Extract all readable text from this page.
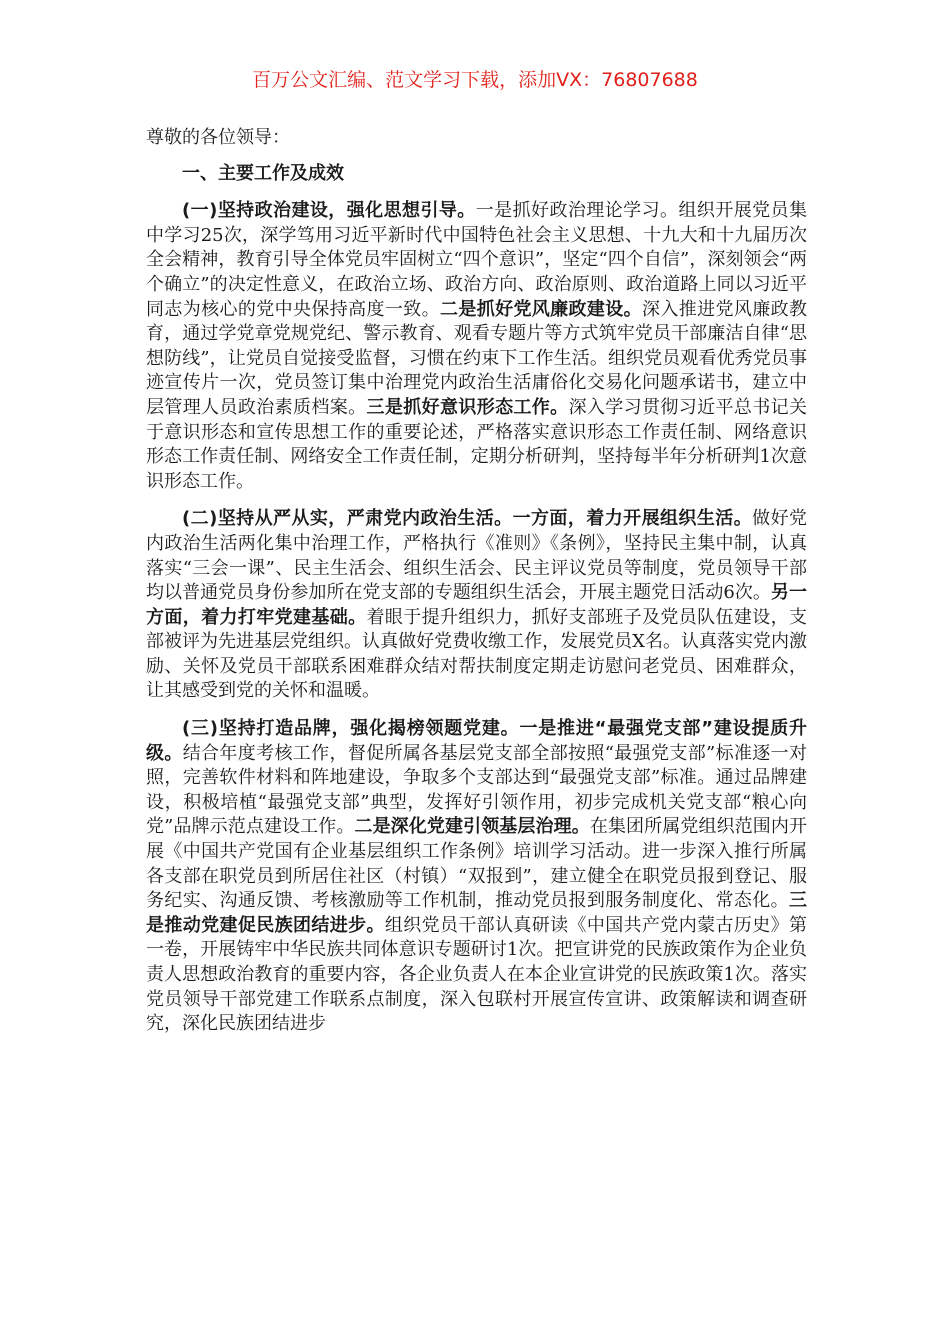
百万公文汇编、范文学习下载，添加VX：76807688

尊敬的各位领导：

一、主要工作及成效

(一)坚持政治建设，强化思想引导。一是抓好政治理论学习。组织开展党员集中学习25次，深学笃用习近平新时代中国特色社会主义思想、十九大和十九届历次全会精神，教育引导全体党员牢固树立“四个意识”，坚定“四个自信”，深刻领会“两个确立”的决定性意义，在政治立场、政治方向、政治原则、政治道路上同以习近平同志为核心的党中央保持高度一致。二是抓好党风廉政建设。深入推进党风廉政教育，通过学党章党规党纪、警示教育、观看专题片等方式筑牢党员干部廉洁自律“思想防线”，让党员自觉接受监督，习惯在约束下工作生活。组织党员观看优秀党员事迹宣传片一次，党员签订集中治理党内政治生活庸俗化交易化问题承诺书，建立中层管理人员政治素质档案。三是抓好意识形态工作。深入学习贯彻习近平总书记关于意识形态和宣传思想工作的重要论述，严格落实意识形态工作责任制、网络意识形态工作责任制、网络安全工作责任制，定期分析研判，坚持每半年分析研判1次意识形态工作。

(二)坚持从严从实，严肃党内政治生活。一方面，着力开展组织生活。做好党内政治生活两化集中治理工作，严格执行《准则》《条例》，坚持民主集中制，认真落实“三会一课”、民主生活会、组织生活会、民主评议党员等制度，党员领导干部均以普通党员身份参加所在党支部的专题组织生活会，开展主题党日活动6次。另一方面，着力打牢党建基础。着眼于提升组织力，抓好支部班子及党员队伍建设，支部被评为先进基层党组织。认真做好党费收缴工作，发展党员X名。认真落实党内激励、关怀及党员干部联系困难群众结对帮扶制度定期走访慰问老党员、困难群众，让其感受到党的关怀和温暖。

(三)坚持打造品牌，强化揭榜领题党建。一是推进“最强党支部”建设提质升级。结合年度考核工作，督促所属各基层党支部全部按照“最强党支部”标准逐一对照，完善软件材料和阵地建设，争取多个支部达到“最强党支部”标准。通过品牌建设，积极培植“最强党支部”典型，发挥好引领作用，初步完成机关党支部“粮心向党”品牌示范点建设工作。二是深化党建引领基层治理。在集团所属党组织范围内开展《中国共产党国有企业基层组织工作条例》培训学习活动。进一步深入推行所属各支部在职党员到所居住社区（村镇）“双报到”，建立健全在职党员报到登记、服务纪实、沟通反馈、考核激励等工作机制，推动党员报到服务制度化、常态化。三是推动党建促民族团结进步。组织党员干部认真研读《中国共产党内蒙古历史》第一卷，开展铸牢中华民族共同体意识专题研讨1次。把宣讲党的民族政策作为企业负责人思想政治教育的重要内容，各企业负责人在本企业宣讲党的民族政策1次。落实党员领导干部党建工作联系点制度，深入包联村开展宣传宣讲、政策解读和调查研究，深化民族团结进步
